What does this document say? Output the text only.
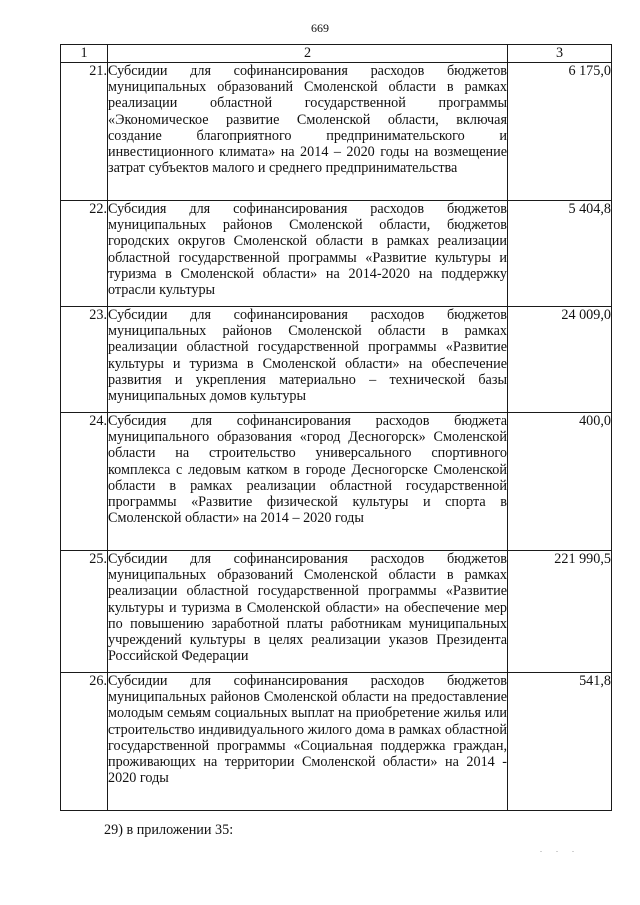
669
1	2	3
21.	Субсидии для софинансирования расходов бюджетов муниципальных образований Смоленской области в рамках реализации областной государственной программы «Экономическое развитие Смоленской области, включая создание благоприятного предпринимательского и инвестиционного климата» на 2014 – 2020 годы на возмещение затрат субъектов малого и среднего предпринимательства	6 175,0
22.	Субсидия для софинансирования расходов бюджетов муниципальных районов Смоленской области, бюджетов городских округов Смоленской области в рамках реализации областной государственной программы «Развитие культуры и туризма в Смоленской области» на 2014-2020 на поддержку отрасли культуры	5 404,8
23.	Субсидии для софинансирования расходов бюджетов муниципальных районов Смоленской области в рамках реализации областной государственной программы «Развитие культуры и туризма в Смоленской области» на обеспечение развития и укрепления материально – технической базы муниципальных домов культуры	24 009,0
24.	Субсидия для софинансирования расходов бюджета муниципального образования «город Десногорск» Смоленской области на строительство универсального спортивного комплекса с ледовым катком в городе Десногорске Смоленской области в рамках реализации областной государственной программы «Развитие физической культуры и спорта в Смоленской области» на 2014 – 2020 годы	400,0
25.	Субсидии для софинансирования расходов бюджетов муниципальных образований Смоленской области в рамках реализации областной государственной программы «Развитие культуры и туризма в Смоленской области» на обеспечение мер по повышению заработной платы работникам муниципальных учреждений культуры в целях реализации указов Президента Российской Федерации	221 990,5
26.	Субсидии для софинансирования расходов бюджетов муниципальных районов Смоленской области на предоставление молодым семьям социальных выплат на приобретение жилья или строительство индивидуального жилого дома в рамках областной государственной программы «Социальная поддержка граждан, проживающих на территории Смоленской области» на 2014 - 2020 годы	541,8
29) в приложении 35:
. . .
